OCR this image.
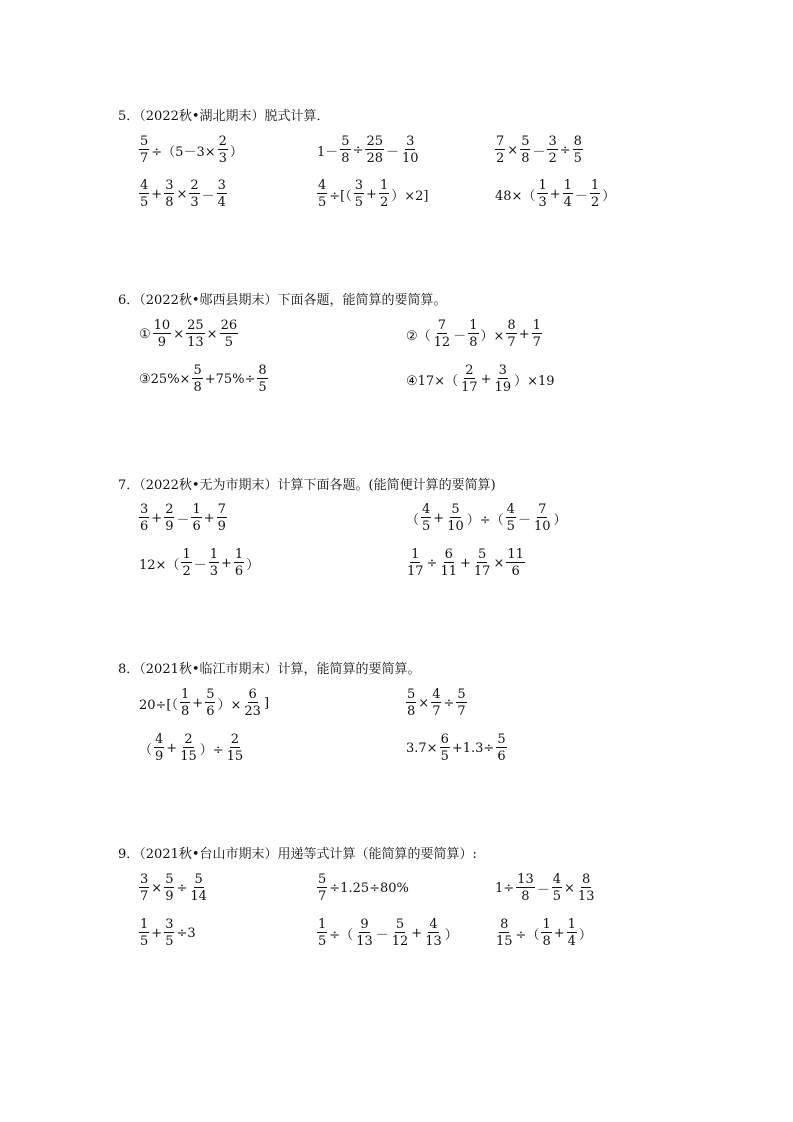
5．（2022秋•湖北期末）脱式计算．
$\frac{5}{7} \div(5-3\times \frac{2}{3}$ ）	$1- \frac{5}{8} \div \frac{25}{28} - \frac{3}{10}$	$\frac{7}{2} \times \frac{5}{8} - \frac{3}{2} \div \frac{8}{5}$
$\frac{4}{5} + \frac{3}{8} \times \frac{2}{3} - \frac{3}{4}$	$\frac{4}{5}$ ÷[（ $\frac{3}{5} + \frac{1}{2} )\times 2$]	$48\times( \frac{1}{3} + \frac{1}{4} - \frac{1}{2}$ ）
6．（2022秋•郧西县期末）下面各题，能简算的要简算。
① $\frac{10}{9} \times \frac{25}{13} \times \frac{26}{5}$	②（ $\frac{7}{12} - \frac{1}{8}$ ）× $\frac{8}{7} + \frac{1}{7}$
③25%× $\frac{5}{8} +75\%\div \frac{8}{5}$	④17×（ $\frac{2}{17} + \frac{3}{19} )\times 19$
7．（2022秋•无为市期末）计算下面各题。(能简便计算的要简算)
$\frac{3}{6} + \frac{2}{9} - \frac{1}{6} + \frac{7}{9}$	（ $\frac{4}{5} + \frac{5}{10}$ ）÷（ $\frac{4}{5} - \frac{7}{10}$ ）
$12\times( \frac{1}{2} - \frac{1}{3} + \frac{1}{6}$ ）	$\frac{1}{17} \div \frac{6}{11} + \frac{5}{17} \times \frac{11}{6}$
8．（2021秋•临江市期末）计算，能简算的要简算。
$20\div[( \frac{1}{8} + \frac{5}{6}$ ）× $\frac{6}{23}$ ]	$\frac{5}{8} \times \frac{4}{7} \div \frac{5}{7}$
（ $\frac{4}{9} + \frac{2}{15}$ ）÷ $\frac{2}{15}$	$3.7\times \frac{6}{5} +1.3\div \frac{5}{6}$
9．（2021秋•台山市期末）用递等式计算（能简算的要简算）:
$\frac{3}{7} \times \frac{5}{9} \div \frac{5}{14}$	$\frac{5}{7} \div 1.25\div 80\%$	$1\div \frac{13}{8} - \frac{4}{5} \times \frac{8}{13}$
$\frac{1}{5} + \frac{3}{5} \div 3$	$\frac{1}{5}$ ÷（ $\frac{9}{13} - \frac{5}{12} + \frac{4}{13}$ ）	$\frac{8}{15}$ ÷（ $\frac{1}{8} + \frac{1}{4}$ ）
